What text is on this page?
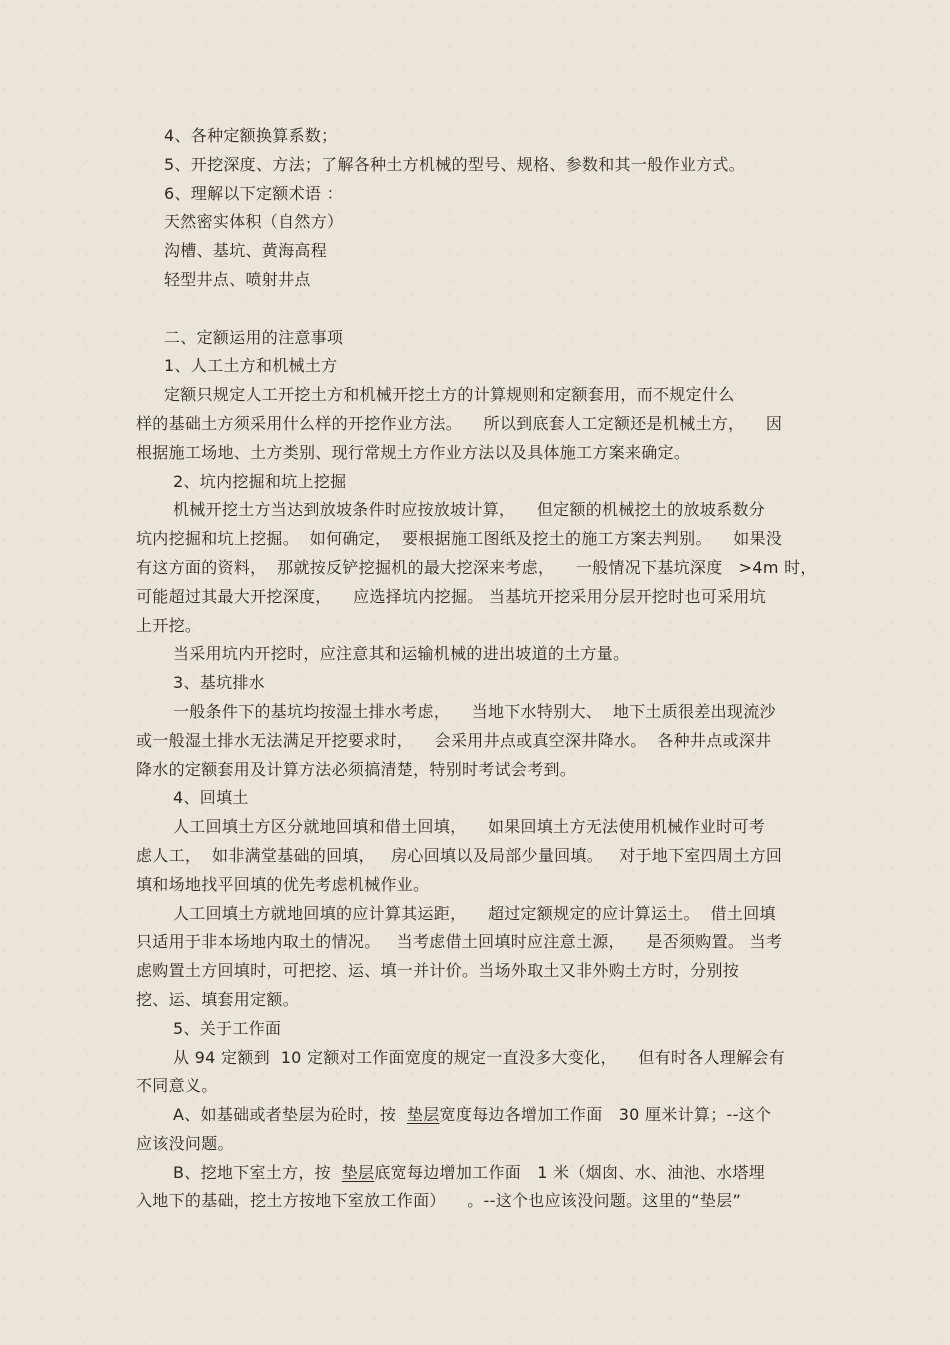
4、各种定额换算系数；
5、开挖深度、方法；了解各种土方机械的型号、规格、参数和其一般作业方式。
6、理解以下定额术语 ：
天然密实体积（自然方）
沟槽、基坑、黄海高程
轻型井点、喷射井点
二、定额运用的注意事项
1、人工土方和机械土方
定额只规定人工开挖土方和机械开挖土方的计算规则和定额套用，而不规定什么
样的基础土方须采用什么样的开挖作业方法。    所以到底套人工定额还是机械土方，    因
根据施工场地、土方类别、现行常规土方作业方法以及具体施工方案来确定。
2、坑内挖掘和坑上挖掘
机械开挖土方当达到放坡条件时应按放坡计算，    但定额的机械挖土的放坡系数分
坑内挖掘和坑上挖掘。  如何确定，  要根据施工图纸及挖土的施工方案去判别。    如果没
有这方面的资料，  那就按反铲挖掘机的最大挖深来考虑，    一般情况下基坑深度   >4m 时，
可能超过其最大开挖深度，    应选择坑内挖掘。 当基坑开挖采用分层开挖时也可采用坑
上开挖。
当采用坑内开挖时，应注意其和运输机械的进出坡道的土方量。
3、基坑排水
一般条件下的基坑均按湿土排水考虑，    当地下水特别大、  地下土质很差出现流沙
或一般湿土排水无法满足开挖要求时，    会采用井点或真空深井降水。  各种井点或深井
降水的定额套用及计算方法必须搞清楚，特别时考试会考到。
4、回填土
人工回填土方区分就地回填和借土回填，    如果回填土方无法使用机械作业时可考
虑人工，  如非满堂基础的回填，   房心回填以及局部少量回填。   对于地下室四周土方回
填和场地找平回填的优先考虑机械作业。
人工回填土方就地回填的应计算其运距，    超过定额规定的应计算运土。  借土回填
只适用于非本场地内取土的情况。   当考虑借土回填时应注意土源，    是否须购置。 当考
虑购置土方回填时，可把挖、运、填一并计价。当场外取土又非外购土方时，分别按
挖、运、填套用定额。
5、关于工作面
从 94 定额到  10 定额对工作面宽度的规定一直没多大变化，    但有时各人理解会有
不同意义。
A、如基础或者垫层为砼时，按  垫层宽度每边各增加工作面   30 厘米计算；--这个
应该没问题。
B、挖地下室土方，按  垫层底宽每边增加工作面   1 米（烟囱、水、油池、水塔埋
入地下的基础，挖土方按地下室放工作面）    。--这个也应该没问题。这里的“垫层”
